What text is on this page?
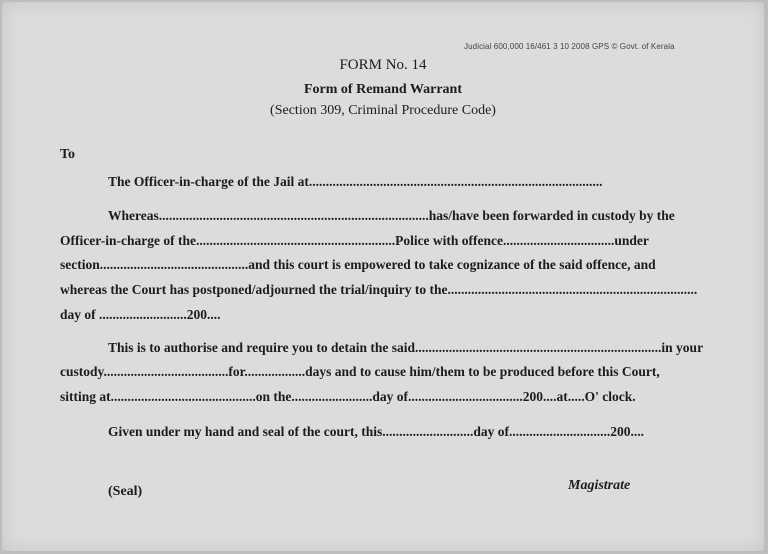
Judicial 600,000 16/461 3 10 2008 GPS © Govt. of Kerala
FORM No. 14
Form of Remand Warrant
(Section 309, Criminal Procedure Code)
To
The Officer-in-charge of the Jail at.......................................................................................
Whereas................................................................................has/have been forwarded in custody by the
Officer-in-charge of the...........................................................Police with offence.................................under
section............................................and this court is empowered to take cognizance of the said offence, and
whereas the Court has postponed/adjourned the trial/inquiry to the..........................................................................
day of ..........................200....
This is to authorise and require you to detain the said.........................................................................in your
custody.....................................for..................days and to cause him/them to be produced before this Court,
sitting at...........................................on the........................day of..................................200....at.....O' clock.
Given under my hand and seal of the court, this...........................day of..............................200....
(Seal)	Magistrate
